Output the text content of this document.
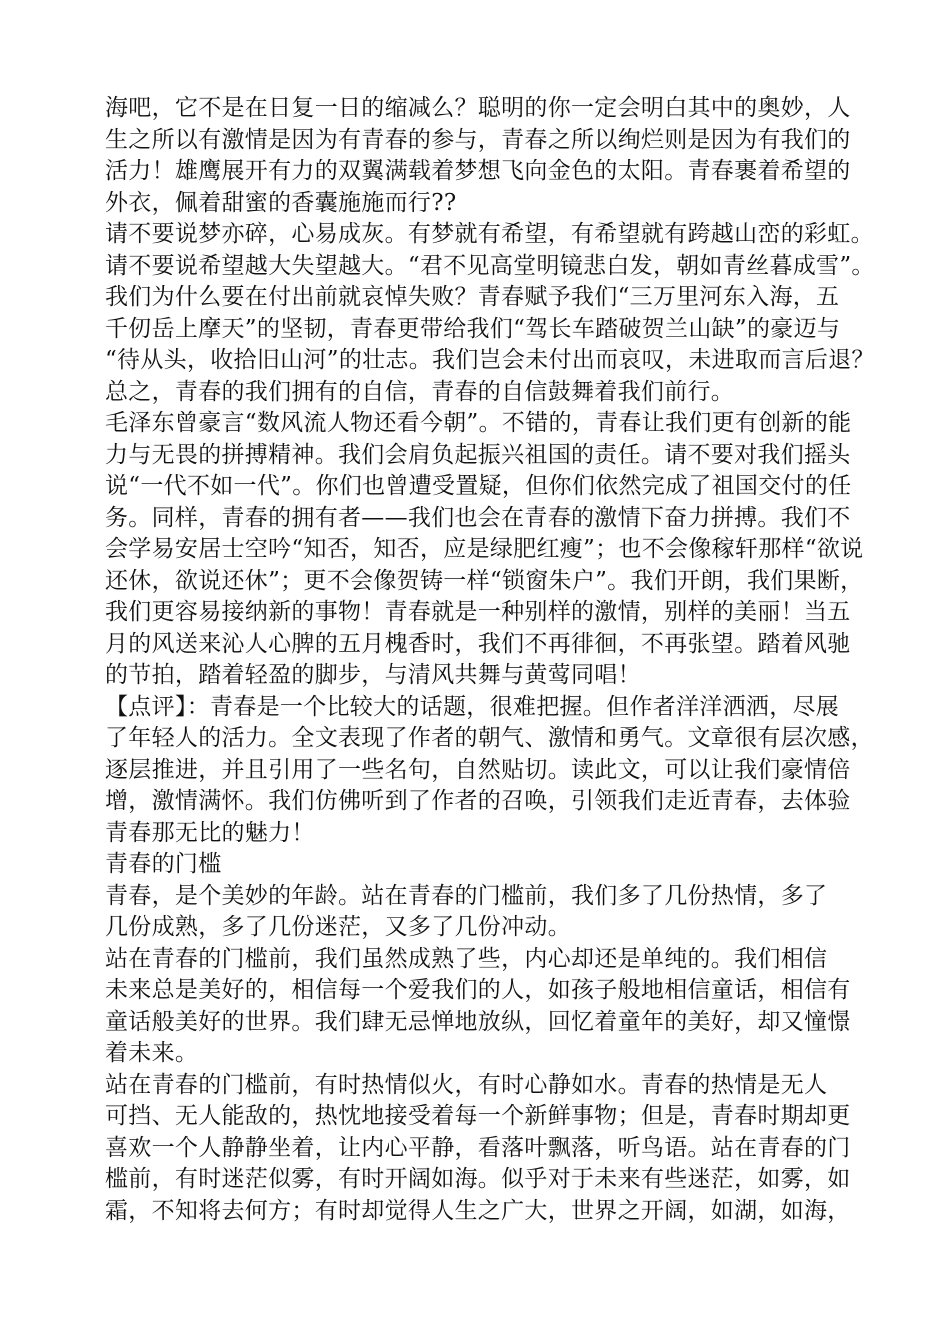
海吧，它不是在日复一日的缩减么？聪明的你一定会明白其中的奥妙，人
生之所以有激情是因为有青春的参与，青春之所以绚烂则是因为有我们的
活力！雄鹰展开有力的双翼满载着梦想飞向金色的太阳。青春裹着希望的
外衣，佩着甜蜜的香囊施施而行??
请不要说梦亦碎，心易成灰。有梦就有希望，有希望就有跨越山峦的彩虹。
请不要说希望越大失望越大。“君不见高堂明镜悲白发，朝如青丝暮成雪”。
我们为什么要在付出前就哀悼失败？青春赋予我们“三万里河东入海，五
千仞岳上摩天”的坚韧，青春更带给我们“驾长车踏破贺兰山缺”的豪迈与
“待从头，收拾旧山河”的壮志。我们岂会未付出而哀叹，未进取而言后退？
总之，青春的我们拥有的自信，青春的自信鼓舞着我们前行。
毛泽东曾豪言“数风流人物还看今朝”。不错的，青春让我们更有创新的能
力与无畏的拼搏精神。我们会肩负起振兴祖国的责任。请不要对我们摇头
说“一代不如一代”。你们也曾遭受置疑，但你们依然完成了祖国交付的任
务。同样，青春的拥有者——我们也会在青春的激情下奋力拼搏。我们不
会学易安居士空吟“知否，知否，应是绿肥红瘦”；也不会像稼轩那样“欲说
还休，欲说还休”；更不会像贺铸一样“锁窗朱户”。我们开朗，我们果断，
我们更容易接纳新的事物！青春就是一种别样的激情，别样的美丽！当五
月的风送来沁人心脾的五月槐香时，我们不再徘徊，不再张望。踏着风驰
的节拍，踏着轻盈的脚步，与清风共舞与黄莺同唱！
【点评】：青春是一个比较大的话题，很难把握。但作者洋洋洒洒，尽展
了年轻人的活力。全文表现了作者的朝气、激情和勇气。文章很有层次感，
逐层推进，并且引用了一些名句，自然贴切。读此文，可以让我们豪情倍
增，激情满怀。我们仿佛听到了作者的召唤，引领我们走近青春，去体验
青春那无比的魅力！
青春的门槛
青春，是个美妙的年龄。站在青春的门槛前，我们多了几份热情，多了
几份成熟，多了几份迷茫，又多了几份冲动。
站在青春的门槛前，我们虽然成熟了些，内心却还是单纯的。我们相信
未来总是美好的，相信每一个爱我们的人，如孩子般地相信童话，相信有
童话般美好的世界。我们肆无忌惮地放纵，回忆着童年的美好，却又憧憬
着未来。
站在青春的门槛前，有时热情似火，有时心静如水。青春的热情是无人
可挡、无人能敌的，热忱地接受着每一个新鲜事物；但是，青春时期却更
喜欢一个人静静坐着，让内心平静，看落叶飘落，听鸟语。站在青春的门
槛前，有时迷茫似雾，有时开阔如海。似乎对于未来有些迷茫，如雾，如
霜，不知将去何方；有时却觉得人生之广大，世界之开阔，如湖，如海，
